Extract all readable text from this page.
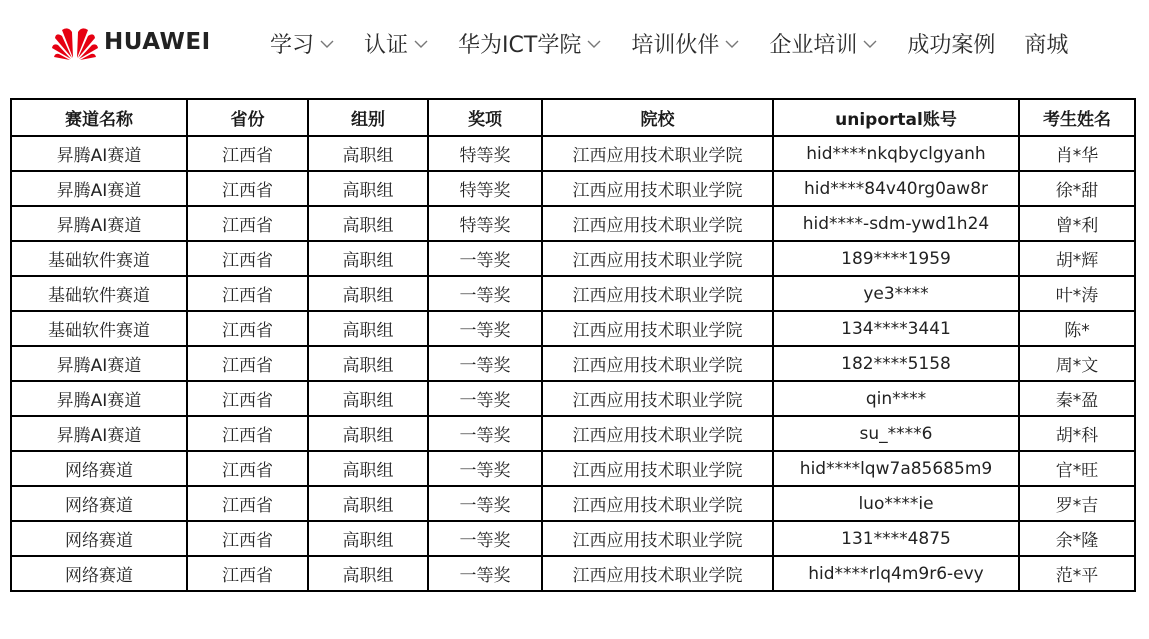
HUAWEI	学习 认证 华为ICT学院 培训伙伴 企业培训 成功案例 商城
赛道名称	省份	组别	奖项	院校	uniportal账号	考生姓名
昇腾AI赛道	江西省	高职组	特等奖	江西应用技术职业学院	hid****nkqbyclgyanh	肖*华
昇腾AI赛道	江西省	高职组	特等奖	江西应用技术职业学院	hid****84v40rg0aw8r	徐*甜
昇腾AI赛道	江西省	高职组	特等奖	江西应用技术职业学院	hid****-sdm-ywd1h24	曾*利
基础软件赛道	江西省	高职组	一等奖	江西应用技术职业学院	189****1959	胡*辉
基础软件赛道	江西省	高职组	一等奖	江西应用技术职业学院	ye3****	叶*涛
基础软件赛道	江西省	高职组	一等奖	江西应用技术职业学院	134****3441	陈*
昇腾AI赛道	江西省	高职组	一等奖	江西应用技术职业学院	182****5158	周*文
昇腾AI赛道	江西省	高职组	一等奖	江西应用技术职业学院	qin****	秦*盈
昇腾AI赛道	江西省	高职组	一等奖	江西应用技术职业学院	su_****6	胡*科
网络赛道	江西省	高职组	一等奖	江西应用技术职业学院	hid****lqw7a85685m9	官*旺
网络赛道	江西省	高职组	一等奖	江西应用技术职业学院	luo****ie	罗*吉
网络赛道	江西省	高职组	一等奖	江西应用技术职业学院	131****4875	余*隆
网络赛道	江西省	高职组	一等奖	江西应用技术职业学院	hid****rlq4m9r6-evy	范*平
